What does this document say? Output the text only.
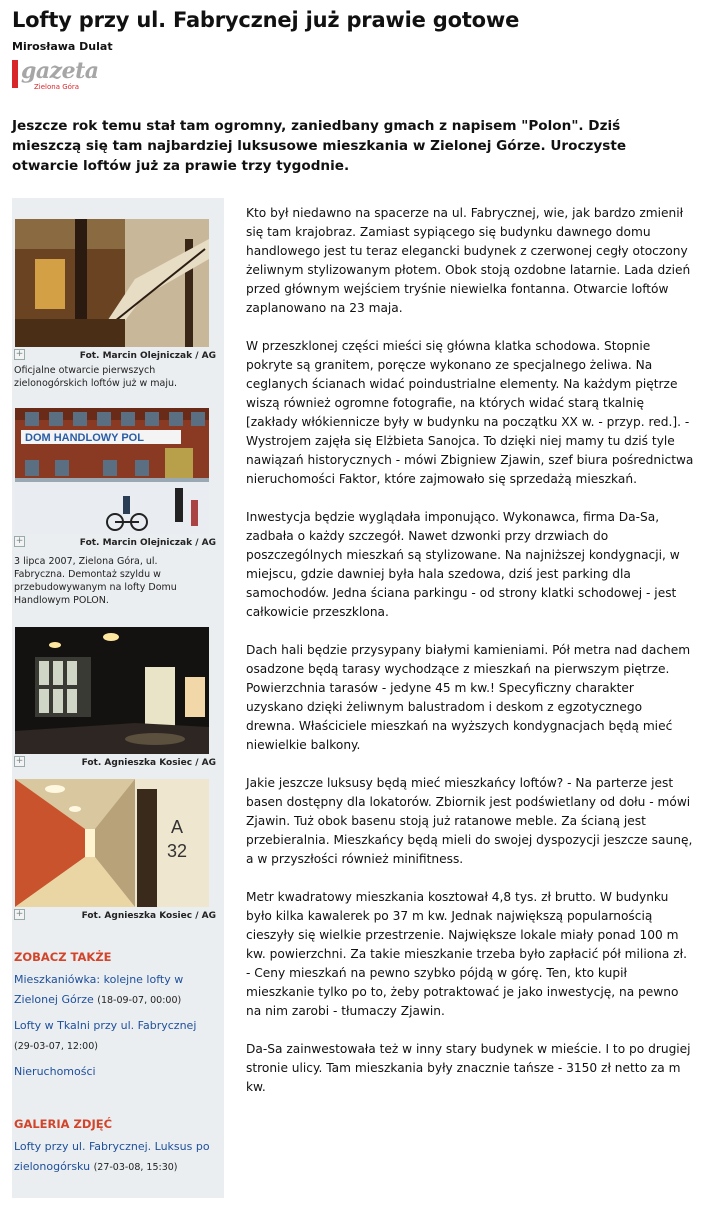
Lofty przy ul. Fabrycznej już prawie gotowe
Mirosława Dulat
gazeta
Zielona Góra

Jeszcze rok temu stał tam ogromny, zaniedbany gmach z napisem "Polon". Dziś mieszczą się tam najbardziej luksusowe mieszkania w Zielonej Górze. Uroczyste otwarcie loftów już za prawie trzy tygodnie.

+	Fot. Marcin Olejniczak / AG
Oficjalne otwarcie pierwszych zielonogórskich loftów już w maju.
DOM HANDLOWY POL
+	Fot. Marcin Olejniczak / AG
3 lipca 2007, Zielona Góra, ul. Fabryczna. Demontaż szyldu w przebudowywanym na lofty Domu Handlowym POLON.
+	Fot. Agnieszka Kosiec / AG
A
32
+	Fot. Agnieszka Kosiec / AG
ZOBACZ TAKŻE
Mieszkaniówka: kolejne lofty w Zielonej Górze (18-09-07, 00:00)
Lofty w Tkalni przy ul. Fabrycznej (29-03-07, 12:00)
Nieruchomości
GALERIA ZDJĘĆ
Lofty przy ul. Fabrycznej. Luksus po zielonogórsku (27-03-08, 15:30)

Kto był niedawno na spacerze na ul. Fabrycznej, wie, jak bardzo zmienił się tam krajobraz. Zamiast sypiącego się budynku dawnego domu handlowego jest tu teraz elegancki budynek z czerwonej cegły otoczony żeliwnym stylizowanym płotem. Obok stoją ozdobne latarnie. Lada dzień przed głównym wejściem tryśnie niewielka fontanna. Otwarcie loftów zaplanowano na 23 maja.

W przeszklonej części mieści się główna klatka schodowa. Stopnie pokryte są granitem, poręcze wykonano ze specjalnego żeliwa. Na ceglanych ścianach widać poindustrialne elementy. Na każdym piętrze wiszą również ogromne fotografie, na których widać starą tkalnię [zakłady włókiennicze były w budynku na początku XX w. - przyp. red.]. - Wystrojem zajęła się Elżbieta Sanojca. To dzięki niej mamy tu dziś tyle nawiązań historycznych - mówi Zbigniew Zjawin, szef biura pośrednictwa nieruchomości Faktor, które zajmowało się sprzedażą mieszkań.

Inwestycja będzie wyglądała imponująco. Wykonawca, firma Da-Sa, zadbała o każdy szczegół. Nawet dzwonki przy drzwiach do poszczególnych mieszkań są stylizowane. Na najniższej kondygnacji, w miejscu, gdzie dawniej była hala szedowa, dziś jest parking dla samochodów. Jedna ściana parkingu - od strony klatki schodowej - jest całkowicie przeszklona.

Dach hali będzie przysypany białymi kamieniami. Pół metra nad dachem osadzone będą tarasy wychodzące z mieszkań na pierwszym piętrze. Powierzchnia tarasów - jedyne 45 m kw.! Specyficzny charakter uzyskano dzięki żeliwnym balustradom i deskom z egzotycznego drewna. Właściciele mieszkań na wyższych kondygnacjach będą mieć niewielkie balkony.

Jakie jeszcze luksusy będą mieć mieszkańcy loftów? - Na parterze jest basen dostępny dla lokatorów. Zbiornik jest podświetlany od dołu - mówi Zjawin. Tuż obok basenu stoją już ratanowe meble. Za ścianą jest przebieralnia. Mieszkańcy będą mieli do swojej dyspozycji jeszcze saunę, a w przyszłości również minifitness.

Metr kwadratowy mieszkania kosztował 4,8 tys. zł brutto. W budynku było kilka kawalerek po 37 m kw. Jednak największą popularnością cieszyły się wielkie przestrzenie. Największe lokale miały ponad 100 m kw. powierzchni. Za takie mieszkanie trzeba było zapłacić pół miliona zł. - Ceny mieszkań na pewno szybko pójdą w górę. Ten, kto kupił mieszkanie tylko po to, żeby potraktować je jako inwestycję, na pewno na nim zarobi - tłumaczy Zjawin.

Da-Sa zainwestowała też w inny stary budynek w mieście. I to po drugiej stronie ulicy. Tam mieszkania były znacznie tańsze - 3150 zł netto za m kw.
